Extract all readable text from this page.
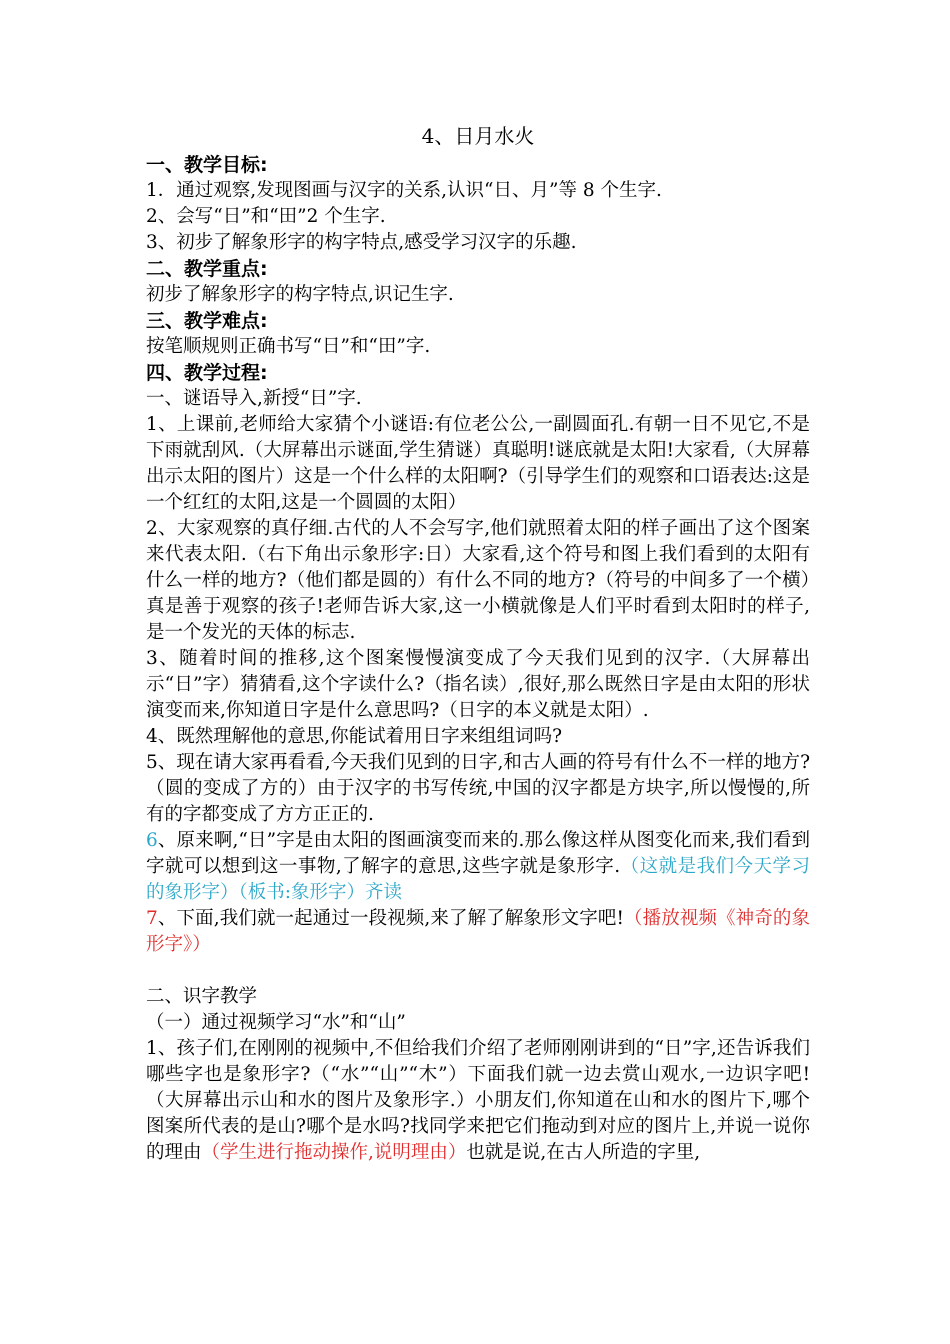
4、日月水火
一、教学目标:
1．通过观察,发现图画与汉字的关系,认识“日、月”等 8 个生字.
2、会写“日”和“田”2 个生字.
3、初步了解象形字的构字特点,感受学习汉字的乐趣.
二、教学重点:
初步了解象形字的构字特点,识记生字.
三、教学难点:
按笔顺规则正确书写“日”和“田”字.
四、教学过程:
一、谜语导入,新授“日”字.
1、上课前,老师给大家猜个小谜语:有位老公公,一副圆面孔.有朝一日不见它,不是下雨就刮风.（大屏幕出示谜面,学生猜谜）真聪明!谜底就是太阳!大家看,（大屏幕出示太阳的图片）这是一个什么样的太阳啊?（引导学生们的观察和口语表达:这是一个红红的太阳,这是一个圆圆的太阳）
2、大家观察的真仔细.古代的人不会写字,他们就照着太阳的样子画出了这个图案来代表太阳.（右下角出示象形字:日）大家看,这个符号和图上我们看到的太阳有什么一样的地方?（他们都是圆的）有什么不同的地方?（符号的中间多了一个横）真是善于观察的孩子!老师告诉大家,这一小横就像是人们平时看到太阳时的样子,是一个发光的天体的标志.
3、随着时间的推移,这个图案慢慢演变成了今天我们见到的汉字.（大屏幕出示“日”字）猜猜看,这个字读什么?（指名读）,很好,那么既然日字是由太阳的形状演变而来,你知道日字是什么意思吗?（日字的本义就是太阳）.
4、既然理解他的意思,你能试着用日字来组组词吗?
5、现在请大家再看看,今天我们见到的日字,和古人画的符号有什么不一样的地方?（圆的变成了方的）由于汉字的书写传统,中国的汉字都是方块字,所以慢慢的,所有的字都变成了方方正正的.
6、原来啊,“日”字是由太阳的图画演变而来的.那么像这样从图变化而来,我们看到字就可以想到这一事物,了解字的意思,这些字就是象形字.（这就是我们今天学习的象形字）（板书:象形字）齐读
7、下面,我们就一起通过一段视频,来了解了解象形文字吧!（播放视频《神奇的象形字》）
二、识字教学
（一）通过视频学习“水”和“山”
1、孩子们,在刚刚的视频中,不但给我们介绍了老师刚刚讲到的“日”字,还告诉我们哪些字也是象形字?（“水”“山”“木”）下面我们就一边去赏山观水,一边识字吧!（大屏幕出示山和水的图片及象形字.）小朋友们,你知道在山和水的图片下,哪个图案所代表的是山?哪个是水吗?找同学来把它们拖动到对应的图片上,并说一说你的理由（学生进行拖动操作,说明理由）也就是说,在古人所造的字里,
